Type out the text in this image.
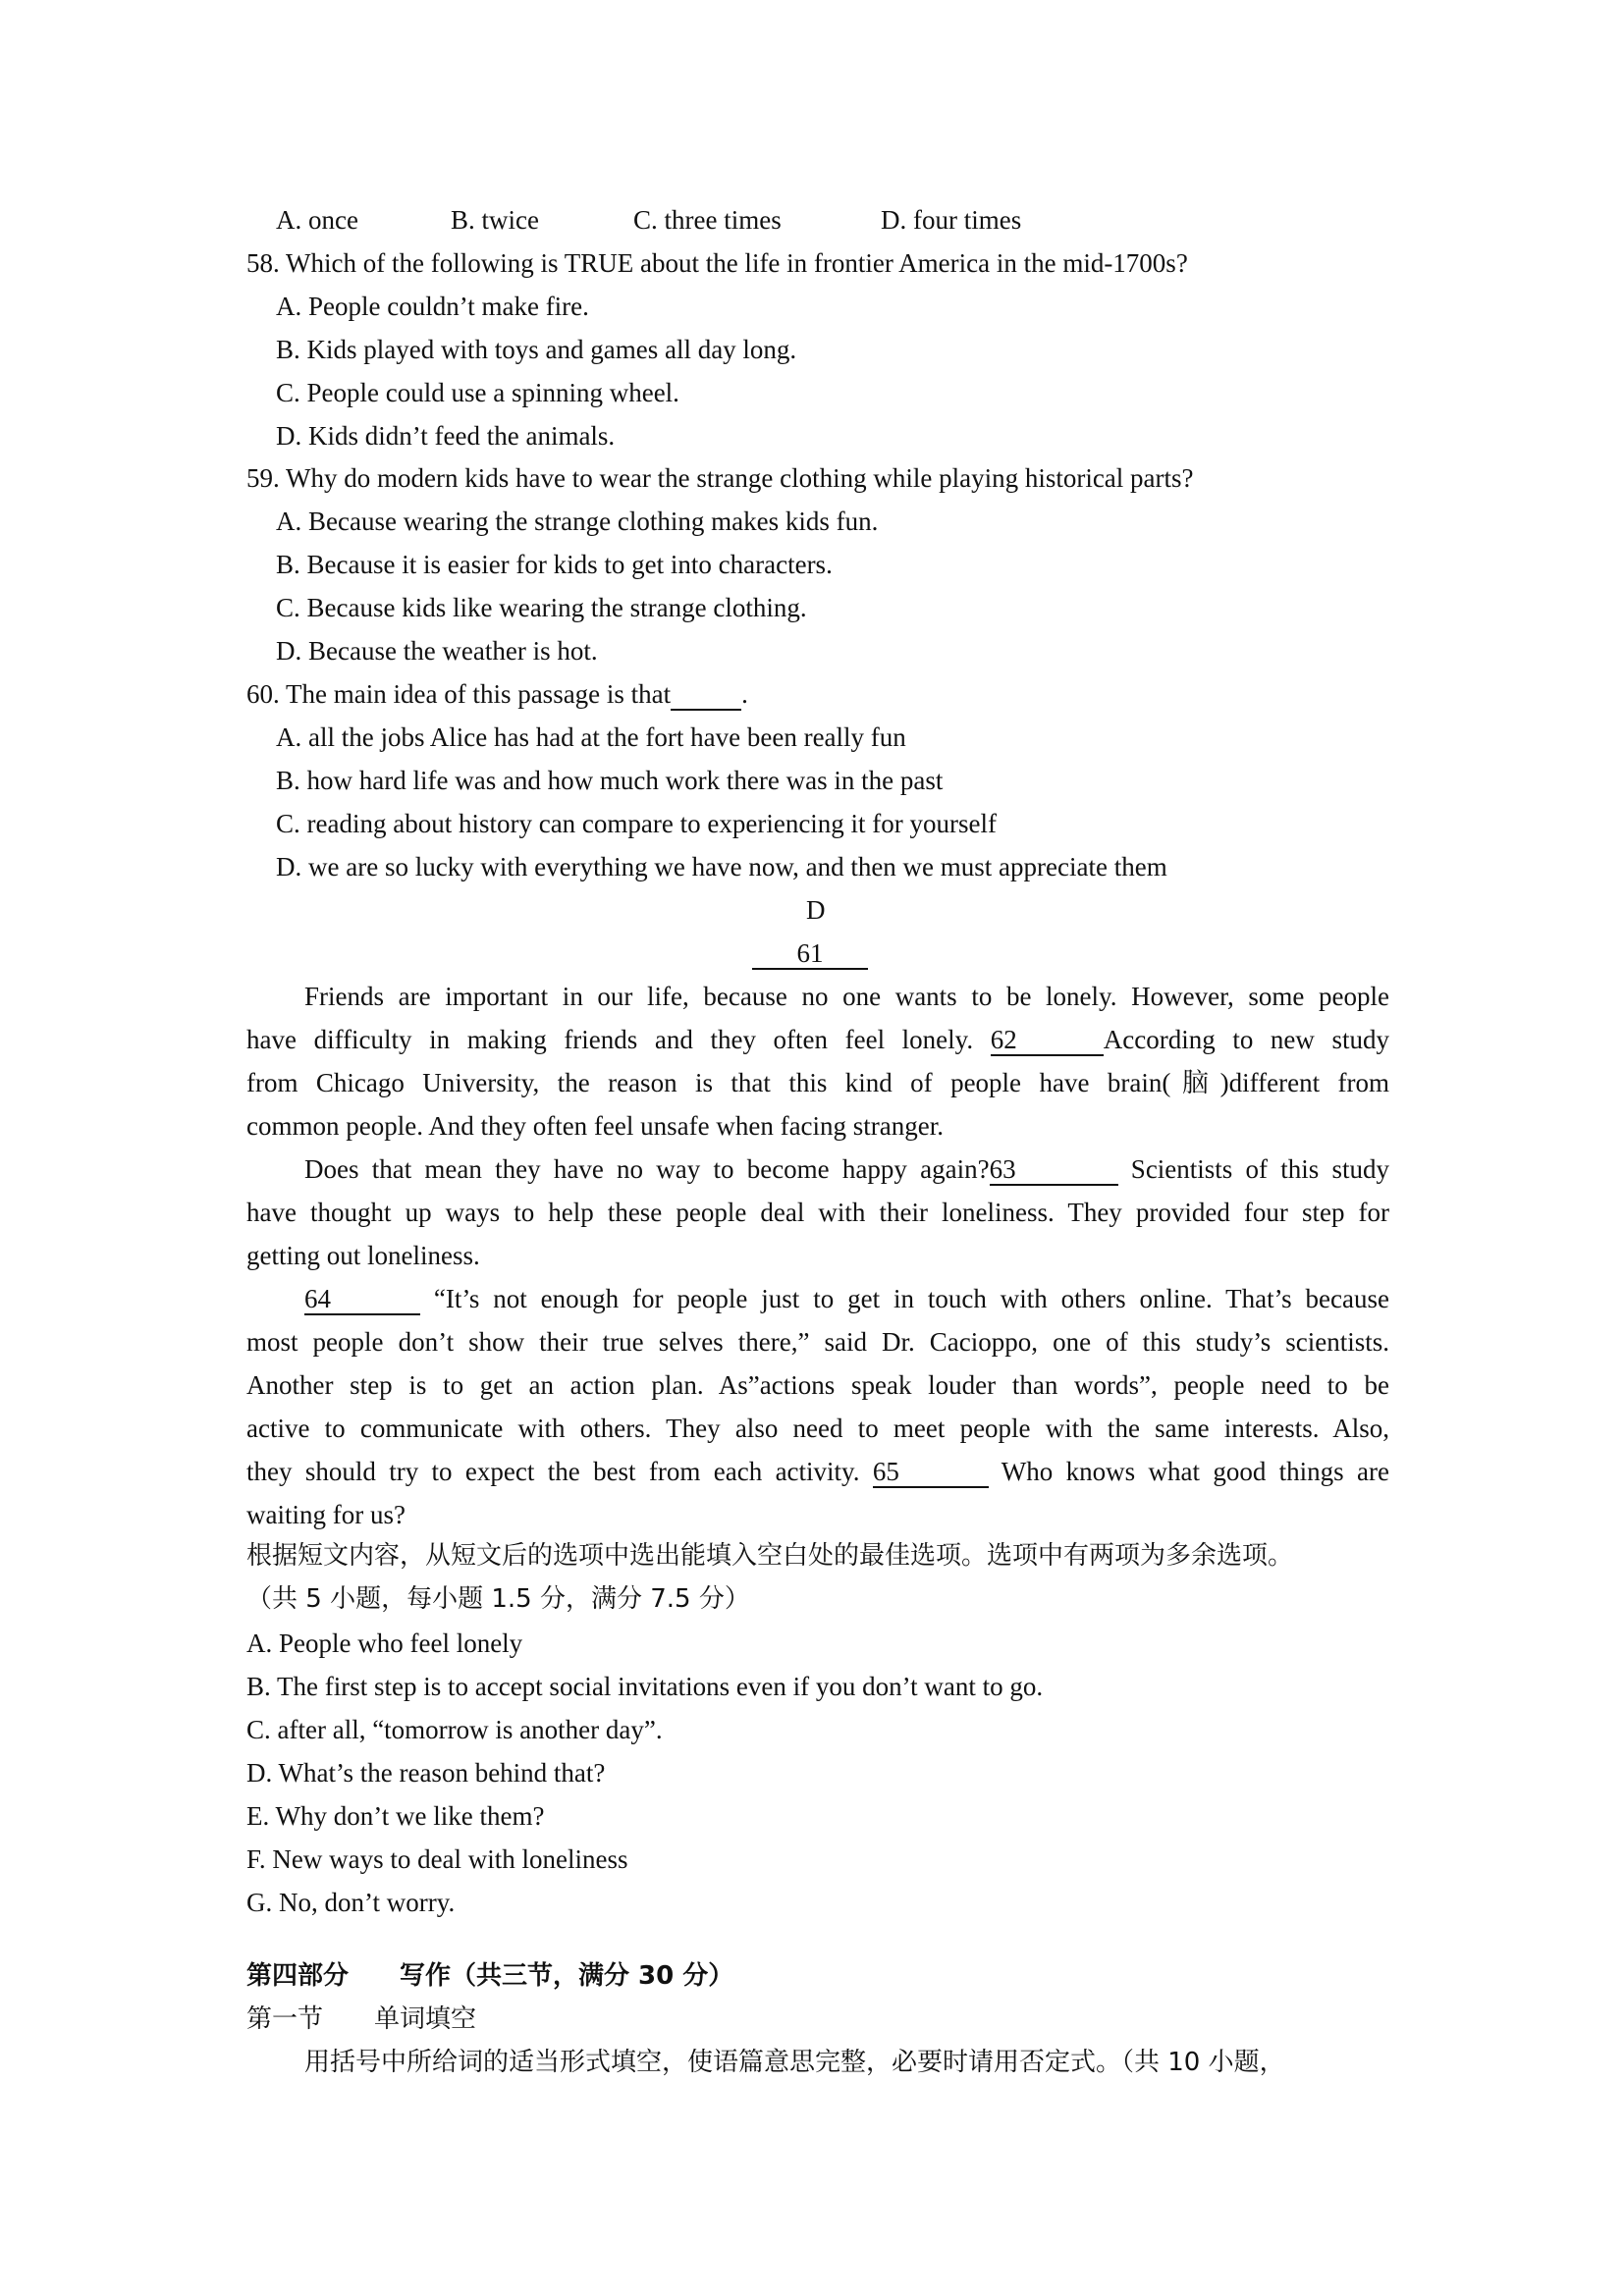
A. once

	B. twice

	C. three times

	D. four times

58. Which of the following is TRUE about the life in frontier America in the mid-1700s?
A. People couldn’t make fire.
B. Kids played with toys and games all day long.
C. People could use a spinning wheel.
D. Kids didn’t feed the animals.
59. Why do modern kids have to wear the strange clothing while playing historical parts?
A. Because wearing the strange clothing makes kids fun.
B. Because it is easier for kids to get into characters.
C. Because kids like wearing the strange clothing.
D. Because the weather is hot.
60. The main idea of this passage is that	.
A. all the jobs Alice has had at the fort have been really fun
B. how hard life was and how much work there was in the past
C. reading about history can compare to experiencing it for yourself
D. we are so lucky with everything we have now, and then we must appreciate them
D
61
Friends are important in our life, because no one wants to be lonely. However, some people
have difficulty in making friends and they often feel lonely. 62	According to new study
from Chicago University, the reason is that this kind of people have brain(脑)different from
common people. And they often feel unsafe when facing stranger.
Does that mean they have no way to become happy again?63	Scientists of this study
have thought up ways to help these people deal with their loneliness. They provided four step for
getting out loneliness.
64	“It’s not enough for people just to get in touch with others online. That’s because
most people don’t show their true selves there,” said Dr. Cacioppo, one of this study’s scientists.
Another step is to get an action plan. As”actions speak louder than words”, people need to be
active to communicate with others. They also need to meet people with the same interests. Also,
they should try to expect the best from each activity. 65	Who knows what good things are
waiting for us?
根据短文内容，从短文后的选项中选出能填入空白处的最佳选项。选项中有两项为多余选项。
（共 5 小题，每小题 1.5 分，满分 7.5 分）
A. People who feel lonely
B. The first step is to accept social invitations even if you don’t want to go.
C. after all, “tomorrow is another day”.
D. What’s the reason behind that?
E. Why don’t we like them?
F. New ways to deal with loneliness
G. No, don’t worry.
第四部分　　写作（共三节，满分 30 分）
第一节　　单词填空
用括号中所给词的适当形式填空，使语篇意思完整，必要时请用否定式。（共 10 小题，
